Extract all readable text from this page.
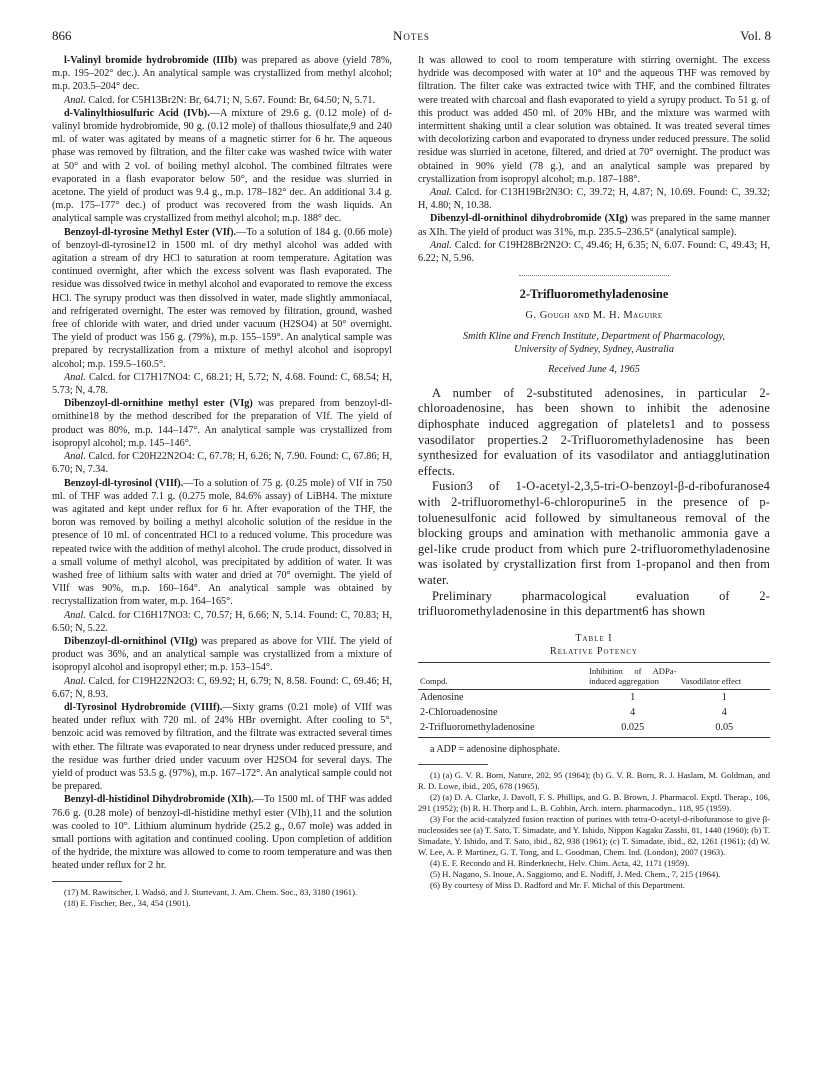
866	Notes	Vol. 8

l-Valinyl bromide hydrobromide (IIIb) was prepared as above (yield 78%, m.p. 195–202° dec.). An analytical sample was crystallized from methyl alcohol; m.p. 203.5–204° dec.

Anal. Calcd. for C5H13Br2N: Br, 64.71; N, 5.67. Found: Br, 64.50; N, 5.71.

d-Valinylthiosulfuric Acid (IVb).—A mixture of 29.6 g. (0.12 mole) of d-valinyl bromide hydrobromide, 90 g. (0.12 mole) of thallous thiosulfate,9 and 240 ml. of water was agitated by means of a magnetic stirrer for 6 hr. The aqueous phase was removed by filtration, and the filter cake was washed twice with water at 50° and with 2 vol. of boiling methyl alcohol. The combined filtrates were evaporated in a flash evaporator below 50°, and the residue was slurried in acetone. The yield of product was 9.4 g., m.p. 178–182° dec. An additional 3.4 g. (m.p. 175–177° dec.) of product was recovered from the wash liquids. An analytical sample was crystallized from methyl alcohol; m.p. 188° dec.

Benzoyl-dl-tyrosine Methyl Ester (VIf).—To a solution of 184 g. (0.66 mole) of benzoyl-dl-tyrosine12 in 1500 ml. of dry methyl alcohol was added with agitation a stream of dry HCl to saturation at room temperature. Agitation was continued overnight, after which the excess solvent was flash evaporated. The residue was dissolved twice in methyl alcohol and evaporated to remove the excess HCl. The syrupy product was then dissolved in water, made slightly ammoniacal, and refrigerated overnight. The ester was removed by filtration, ground, washed free of chloride with water, and dried under vacuum (H2SO4) at 50° overnight. The yield of product was 156 g. (79%), m.p. 155–159°. An analytical sample was prepared by recrystallization from a mixture of methyl alcohol and isopropyl alcohol; m.p. 159.5–160.5°.

Anal. Calcd. for C17H17NO4: C, 68.21; H, 5.72; N, 4.68. Found: C, 68.54; H, 5.73; N, 4.78.

Dibenzoyl-dl-ornithine methyl ester (VIg) was prepared from benzoyl-dl-ornithine18 by the method described for the preparation of VIf. The yield of product was 80%, m.p. 144–147°. An analytical sample was crystallized from isopropyl alcohol; m.p. 145–146°.

Anal. Calcd. for C20H22N2O4: C, 67.78; H, 6.26; N, 7.90. Found: C, 67.86; H, 6.70; N, 7.34.

Benzoyl-dl-tyrosinol (VIIf).—To a solution of 75 g. (0.25 mole) of VIf in 750 ml. of THF was added 7.1 g. (0.275 mole, 84.6% assay) of LiBH4. The mixture was agitated and kept under reflux for 6 hr. After evaporation of the THF, the boron was removed by boiling a methyl alcoholic solution of the residue in the presence of 10 ml. of concentrated HCl to a reduced volume. This procedure was repeated twice with the addition of methyl alcohol. The crude product, dissolved in a small volume of methyl alcohol, was precipitated by addition of water. It was washed free of lithium salts with water and dried at 70° overnight. The yield of VIIf was 90%, m.p. 160–164°. An analytical sample was obtained by recrystallization from water, m.p. 164–165°.

Anal. Calcd. for C16H17NO3: C, 70.57; H, 6.66; N, 5.14. Found: C, 70.83; H, 6.50; N, 5.22.

Dibenzoyl-dl-ornithinol (VIIg) was prepared as above for VIIf. The yield of product was 36%, and an analytical sample was crystallized from a mixture of isopropyl alcohol and isopropyl ether; m.p. 153–154°.

Anal. Calcd. for C19H22N2O3: C, 69.92; H, 6.79; N, 8.58. Found: C, 69.46; H, 6.67; N, 8.93.

dl-Tyrosinol Hydrobromide (VIIIf).—Sixty grams (0.21 mole) of VIIf was heated under reflux with 720 ml. of 24% HBr overnight. After cooling to 5°, benzoic acid was removed by filtration, and the filtrate was extracted several times with ether. The filtrate was evaporated to near dryness under reduced pressure, and the residue was further dried under vacuum over H2SO4 for several days. The yield of product was 53.5 g. (97%), m.p. 167–172°. An analytical sample could not be prepared.

Benzyl-dl-histidinol Dihydrobromide (XIh).—To 1500 ml. of THF was added 76.6 g. (0.28 mole) of benzoyl-dl-histidine methyl ester (VIh),11 and the solution was cooled to 10°. Lithium aluminum hydride (25.2 g., 0.67 mole) was added in small portions with agitation and continued cooling. Upon completion of addition of the hydride, the mixture was allowed to come to room temperature and was then heated under reflux for 2 hr.

(17) M. Rawitscher, I. Wadsö, and J. Sturtevant, J. Am. Chem. Soc., 83, 3180 (1961).

(18) E. Fischer, Ber., 34, 454 (1901).

It was allowed to cool to room temperature with stirring overnight. The excess hydride was decomposed with water at 10° and the aqueous THF was removed by filtration. The filter cake was extracted twice with THF, and the combined filtrates were treated with charcoal and flash evaporated to yield a syrupy product. To 51 g. of this product was added 450 ml. of 20% HBr, and the mixture was warmed with intermittent shaking until a clear solution was obtained. It was treated several times with decolorizing carbon and evaporated to dryness under reduced pressure. The solid residue was slurried in acetone, filtered, and dried at 70° overnight. The product was obtained in 90% yield (78 g.), and an analytical sample was prepared by crystallization from isopropyl alcohol; m.p. 187–188°.

Anal. Calcd. for C13H19Br2N3O: C, 39.72; H, 4.87; N, 10.69. Found: C, 39.32; H, 4.80; N, 10.38.

Dibenzyl-dl-ornithinol dihydrobromide (XIg) was prepared in the same manner as XIh. The yield of product was 31%, m.p. 235.5–236.5° (analytical sample).

Anal. Calcd. for C19H28Br2N2O: C, 49.46; H, 6.35; N, 6.07. Found: C, 49.43; H, 6.22; N, 5.96.

2-Trifluoromethyladenosine
G. Gough and M. H. Maguire
Smith Kline and French Institute, Department of Pharmacology,
University of Sydney, Sydney, Australia
Received June 4, 1965

A number of 2-substituted adenosines, in particular 2-chloroadenosine, has been shown to inhibit the adenosine diphosphate induced aggregation of platelets1 and to possess vasodilator properties.2 2-Trifluoromethyladenosine has been synthesized for evaluation of its vasodilator and antiagglutination effects.

Fusion3 of 1-O-acetyl-2,3,5-tri-O-benzoyl-β-d-ribofuranose4 with 2-trifluoromethyl-6-chloropurine5 in the presence of p-toluenesulfonic acid followed by simultaneous removal of the blocking groups and amination with methanolic ammonia gave a gel-like crude product from which pure 2-trifluoromethyladenosine was isolated by crystallization first from 1-propanol and then from water.

Preliminary pharmacological evaluation of 2-trifluoromethyladenosine in this department6 has shown

Table I
Relative Potency
Compd.	Inhibition of ADPa-induced aggregation	Vasodilator effect
Adenosine	1	1
2-Chloroadenosine	4	4
2-Trifluoromethyladenosine	0.025	0.05
a ADP = adenosine diphosphate.

(1) (a) G. V. R. Born, Nature, 202, 95 (1964); (b) G. V. R. Born, R. J. Haslam, M. Goldman, and R. D. Lowe, ibid., 205, 678 (1965).

(2) (a) D. A. Clarke, J. Davoll, F. S. Phillips, and G. B. Brown, J. Pharmacol. Exptl. Therap., 106, 291 (1952); (b) R. H. Thorp and L. B. Cobbin, Arch. intern. pharmacodyn., 118, 95 (1959).

(3) For the acid-catalyzed fusion reaction of purines with tetra-O-acetyl-d-ribofuranose to give β-nucleosides see (a) T. Sato, T. Simadate, and Y. Ishido, Nippon Kagaku Zasshi, 81, 1440 (1960); (b) T. Simadate, Y. Ishido, and T. Sato, ibid., 82, 938 (1961); (c) T. Simadate, ibid., 82, 1261 (1961); (d) W. W. Lee, A. P. Martinez, G. T. Tong, and L. Goodman, Chem. Ind. (London), 2007 (1963).

(4) E. F. Recondo and H. Rinderknecht, Helv. Chim. Acta, 42, 1171 (1959).

(5) H. Nagano, S. Inoue, A. Saggiomo, and E. Nodiff, J. Med. Chem., 7, 215 (1964).

(6) By courtesy of Miss D. Radford and Mr. F. Michal of this Department.
